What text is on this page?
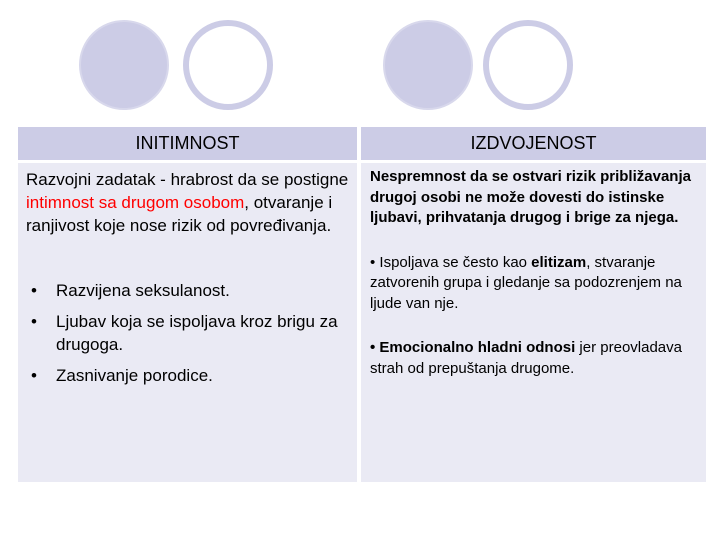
INITIMNOST	IZDVOJENOST

Razvojni zadatak - hrabrost da se postigne intimnost sa drugom osobom, otvaranje i ranjivost koje nose rizik od povređivanja.

• Razvijena seksulanost.
• Ljubav koja se ispoljava kroz brigu za drugoga.
• Zasnivanje porodice.

Nespremnost da se ostvari rizik približavanja drugoj osobi ne može dovesti do istinske ljubavi, prihvatanja drugog i brige za njega.

• Ispoljava se često kao elitizam, stvaranje zatvorenih grupa i gledanje sa podozrenjem na ljude van nje.

• Emocionalno hladni odnosi jer preovladava strah od prepuštanja drugome.
